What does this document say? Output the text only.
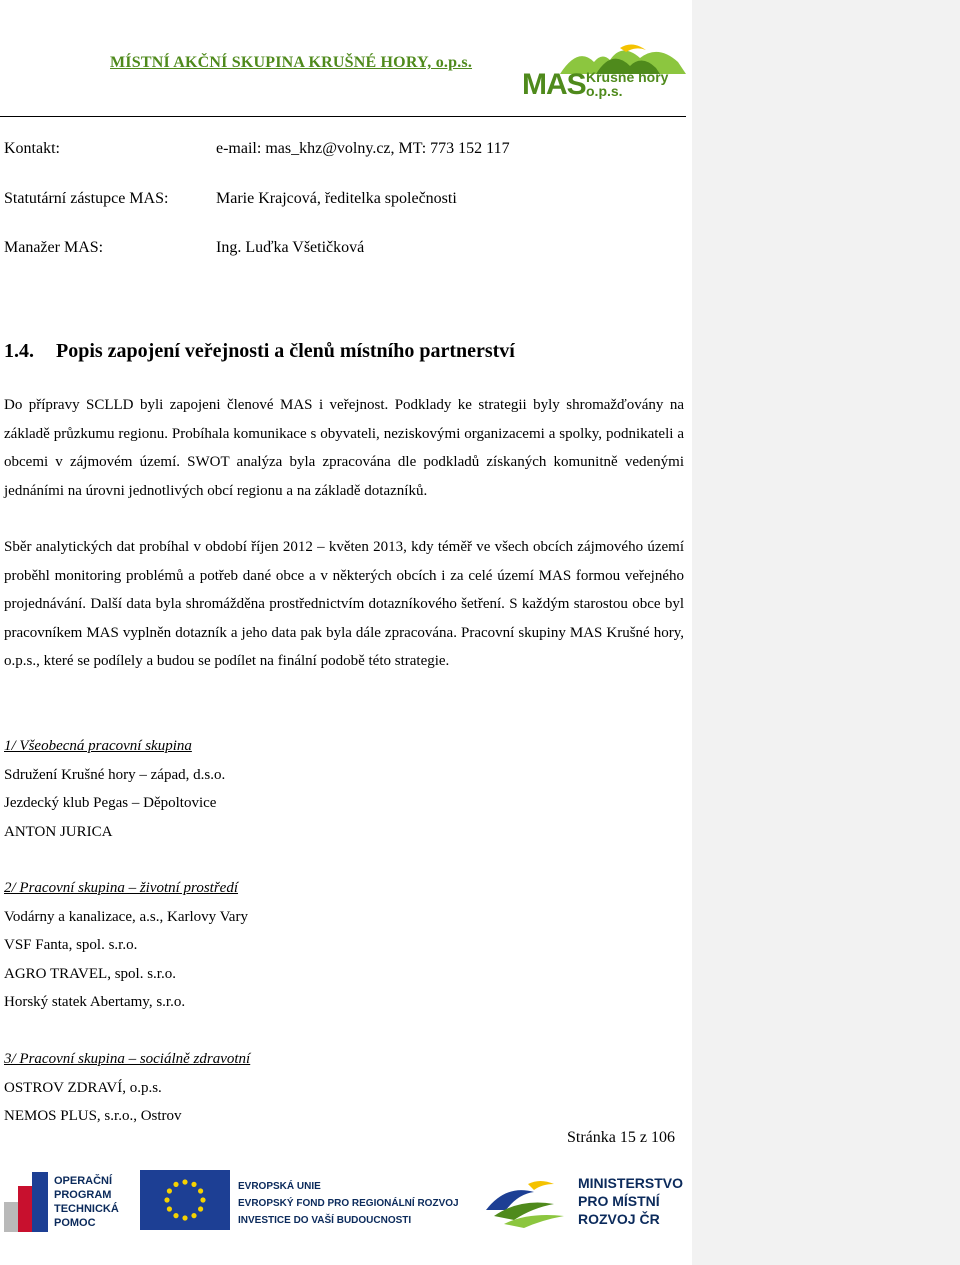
MÍSTNÍ AKČNÍ SKUPINA KRUŠNÉ HORY, o.p.s.
MAS Krušné hory
o.p.s.
Kontakt:	e-mail: mas_khz@volny.cz, MT: 773 152 117
Statutární zástupce MAS:	Marie Krajcová, ředitelka společnosti
Manažer MAS:	Ing. Luďka Všetičková
1.4. Popis zapojení veřejnosti a členů místního partnerství

Do přípravy SCLLD byli zapojeni členové MAS i veřejnost. Podklady ke strategii byly shromažďovány na základě průzkumu regionu. Probíhala komunikace s obyvateli, neziskovými organizacemi a spolky, podnikateli a obcemi v zájmovém území. SWOT analýza byla zpracována dle podkladů získaných komunitně vedenými jednáními na úrovni jednotlivých obcí regionu a na základě dotazníků.

Sběr analytických dat probíhal v období říjen 2012 – květen 2013, kdy téměř ve všech obcích zájmového území proběhl monitoring problémů a potřeb dané obce a v některých obcích i za celé území MAS formou veřejného projednávání. Další data byla shromážděna prostřednictvím dotazníkového šetření. S každým starostou obce byl pracovníkem MAS vyplněn dotazník a jeho data pak byla dále zpracována. Pracovní skupiny MAS Krušné hory, o.p.s., které se podílely a budou se podílet na finální podobě této strategie.

1/ Všeobecná pracovní skupina
Sdružení Krušné hory – západ, d.s.o.
Jezdecký klub Pegas – Děpoltovice
ANTON JURICA
2/ Pracovní skupina – životní prostředí
Vodárny a kanalizace, a.s., Karlovy Vary
VSF Fanta, spol. s.r.o.
AGRO TRAVEL, spol. s.r.o.
Horský statek Abertamy, s.r.o.
3/ Pracovní skupina – sociálně zdravotní
OSTROV ZDRAVÍ, o.p.s.
NEMOS PLUS, s.r.o., Ostrov
Stránka 15 z 106
OPERAČNÍ
PROGRAM
TECHNICKÁ
POMOC
EVROPSKÁ UNIE
EVROPSKÝ FOND PRO REGIONÁLNÍ ROZVOJ
INVESTICE DO VAŠÍ BUDOUCNOSTI
MINISTERSTVO
PRO MÍSTNÍ
ROZVOJ ČR
